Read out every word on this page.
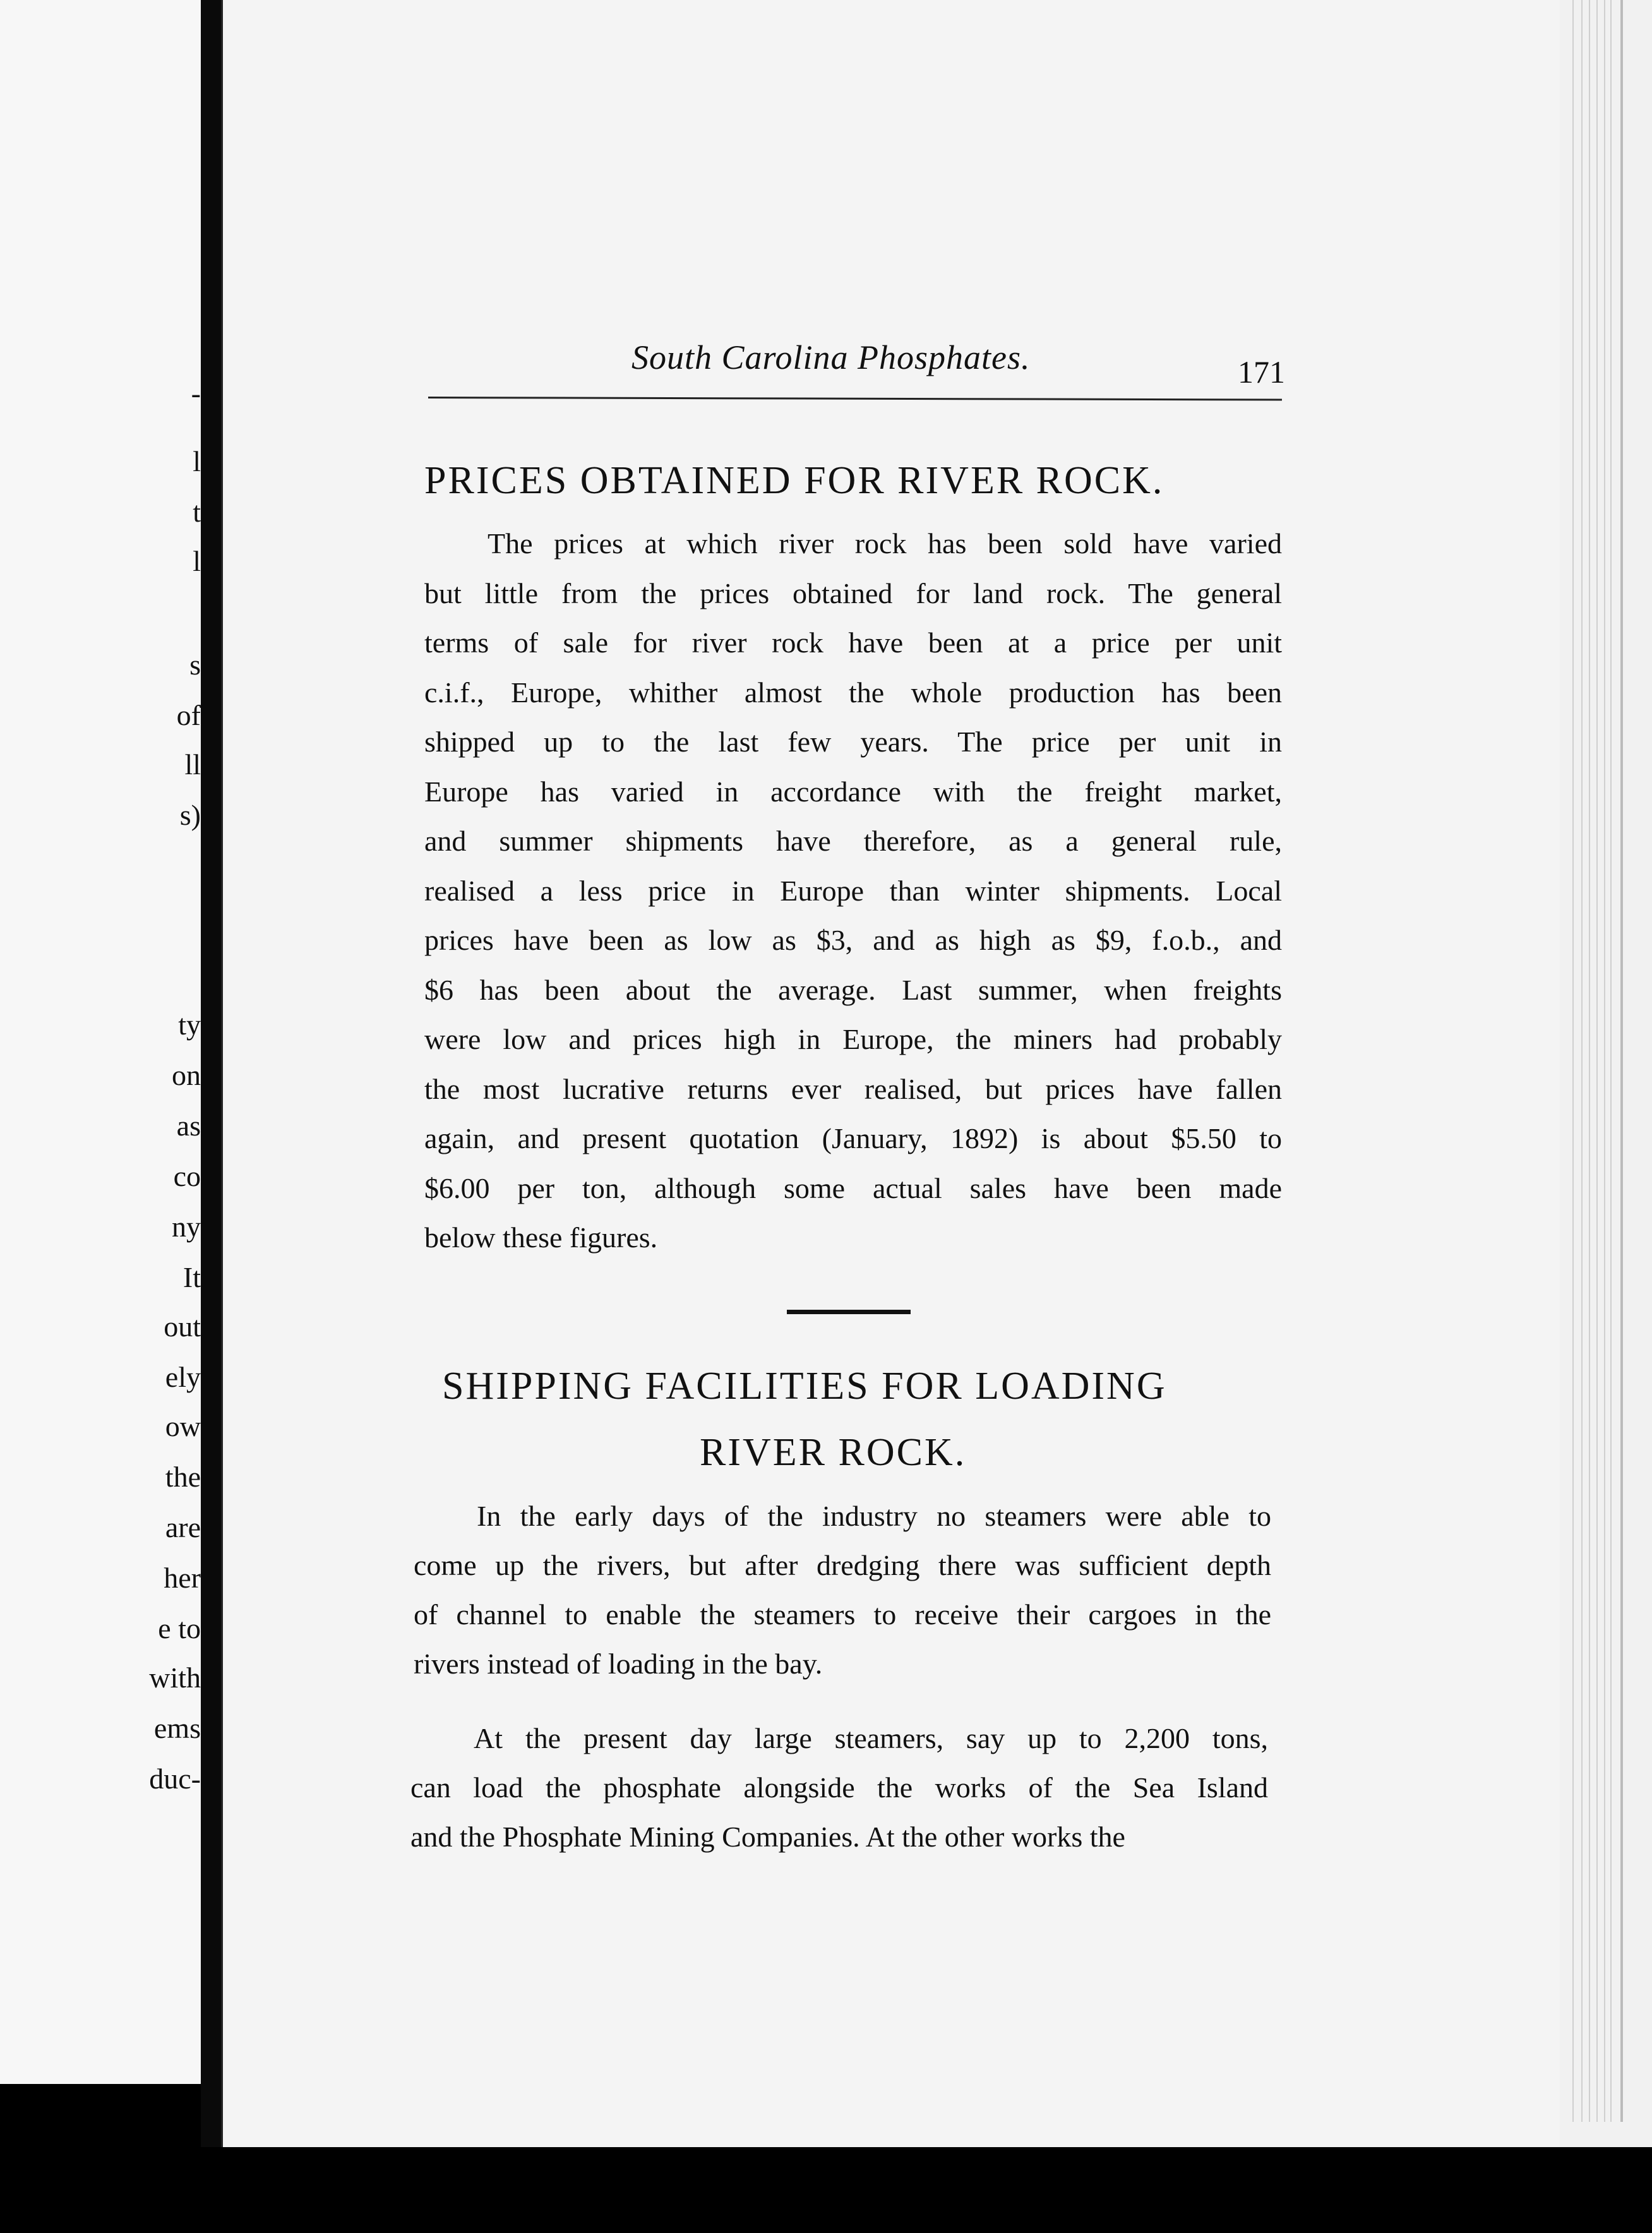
-
l
t
l
s
of
ll
s)
ty
on
as
co
ny
It
out
ely
ow
the
are
her
e to
with
ems
duc-
South Carolina Phosphates.	171
PRICES OBTAINED FOR RIVER ROCK.
The prices at which river rock has been sold have varied
but little from the prices obtained for land rock. The general
terms of sale for river rock have been at a price per unit
c.i.f., Europe, whither almost the whole production has been
shipped up to the last few years. The price per unit in
Europe has varied in accordance with the freight market,
and summer shipments have therefore, as a general rule,
realised a less price in Europe than winter shipments. Local
prices have been as low as $3, and as high as $9, f.o.b., and
$6 has been about the average. Last summer, when freights
were low and prices high in Europe, the miners had probably
the most lucrative returns ever realised, but prices have fallen
again, and present quotation (January, 1892) is about $5.50 to
$6.00 per ton, although some actual sales have been made
below these figures.
SHIPPING FACILITIES FOR LOADING
RIVER ROCK.
In the early days of the industry no steamers were able to
come up the rivers, but after dredging there was sufficient depth
of channel to enable the steamers to receive their cargoes in the
rivers instead of loading in the bay.
At the present day large steamers, say up to 2,200 tons,
can load the phosphate alongside the works of the Sea Island
and the Phosphate Mining Companies. At the other works the
